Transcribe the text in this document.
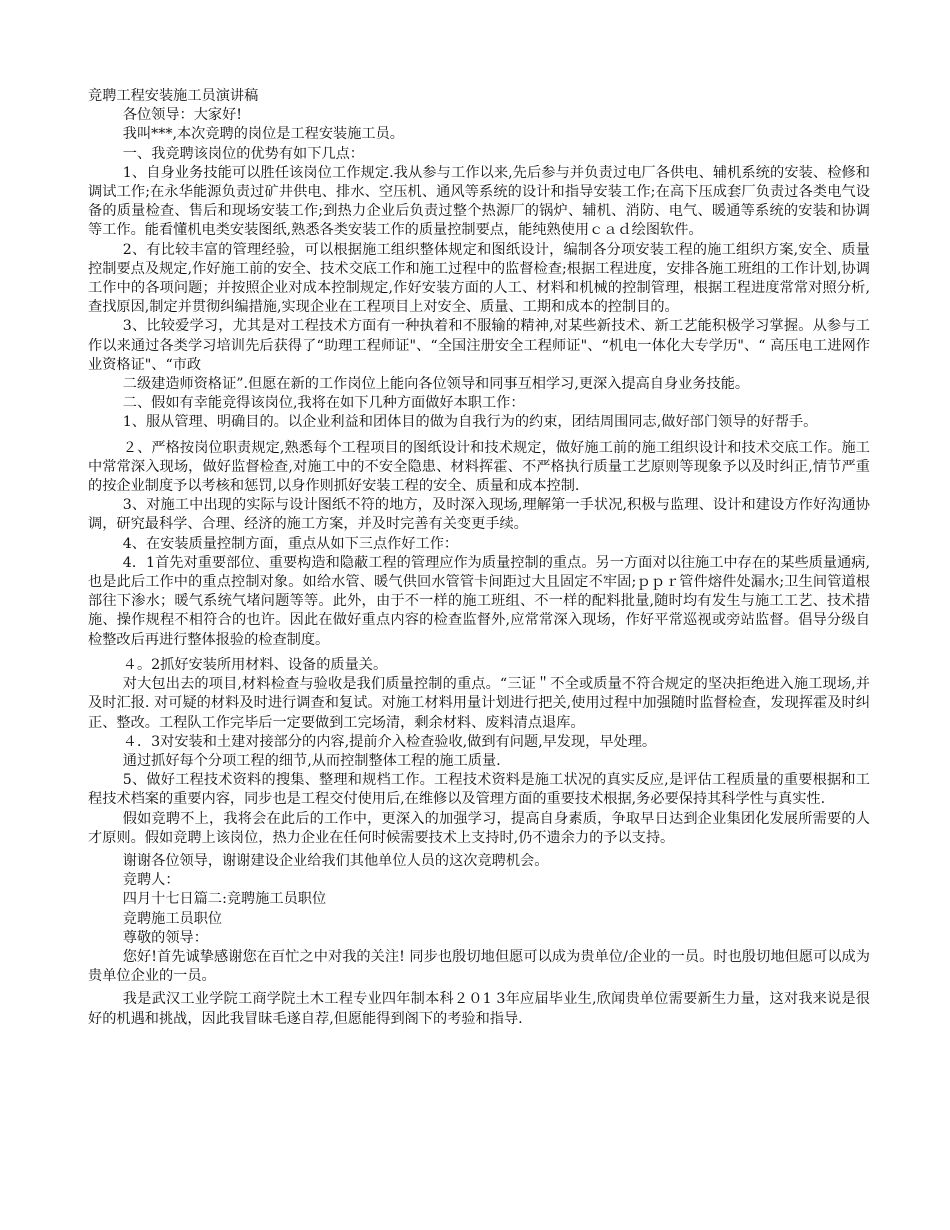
竞聘工程安装施工员演讲稿

各位领导：大家好!

我叫***,本次竞聘的岗位是工程安装施工员。

一、我竞聘该岗位的优势有如下几点：

1、自身业务技能可以胜任该岗位工作规定.我从参与工作以来,先后参与并负责过电厂各供电、辅机系统的安装、检修和调试工作;在永华能源负责过矿井供电、排水、空压机、通风等系统的设计和指导安装工作;在高下压成套厂负责过各类电气设备的质量检查、售后和现场安装工作;到热力企业后负责过整个热源厂的锅炉、辅机、消防、电气、暖通等系统的安装和协调等工作。能看懂机电类安装图纸,熟悉各类安装工作的质量控制要点，能纯熟使用ｃａｄ绘图软件。

2、有比较丰富的管理经验，可以根据施工组织整体规定和图纸设计，编制各分项安装工程的施工组织方案,安全、质量控制要点及规定,作好施工前的安全、技术交底工作和施工过程中的监督检查;根据工程进度，安排各施工班组的工作计划,协调工作中的各项问题；并按照企业对成本控制规定,作好安装方面的人工、材料和机械的控制管理，根据工程进度常常对照分析,查找原因,制定并贯彻纠编措施,实现企业在工程项目上对安全、质量、工期和成本的控制目的。

3、比较爱学习，尤其是对工程技术方面有一种执着和不服输的精神,对某些新技术、新工艺能积极学习掌握。从参与工作以来通过各类学习培训先后获得了“助理工程师证"、“全国注册安全工程师证"、“机电一体化大专学历"、“ 高压电工进网作业资格证"、“市政

二级建造师资格证”.但愿在新的工作岗位上能向各位领导和同事互相学习,更深入提高自身业务技能。

二、假如有幸能竞得该岗位,我将在如下几种方面做好本职工作：

1、服从管理、明确目的。以企业利益和团体目的做为自我行为的约束，团结周围同志,做好部门领导的好帮手。

２、严格按岗位职责规定,熟悉每个工程项目的图纸设计和技术规定，做好施工前的施工组织设计和技术交底工作。施工中常常深入现场，做好监督检查,对施工中的不安全隐患、材料挥霍、不严格执行质量工艺原则等现象予以及时纠正,情节严重的按企业制度予以考核和惩罚,以身作则抓好安装工程的安全、质量和成本控制.

3、对施工中出现的实际与设计图纸不符的地方，及时深入现场,理解第一手状况,积极与监理、设计和建设方作好沟通协调，研究最科学、合理、经济的施工方案，并及时完善有关变更手续。

4、在安装质量控制方面，重点从如下三点作好工作：

4．1首先对重要部位、重要构造和隐蔽工程的管理应作为质量控制的重点。另一方面对以往施工中存在的某些质量通病,也是此后工作中的重点控制对象。如给水管、暖气供回水管管卡间距过大且固定不牢固;ｐｐｒ管件熔件处漏水;卫生间管道根部往下渗水；暖气系统气堵问题等等。此外，由于不一样的施工班组、不一样的配料批量,随时均有发生与施工工艺、技术措施、操作规程不相符合的也许。因此在做好重点内容的检查监督外,应常常深入现场，作好平常巡视或旁站监督。倡导分级自检整改后再进行整体报验的检查制度。

４。2抓好安装所用材料、设备的质量关。

对大包出去的项目,材料检查与验收是我们质量控制的重点。“三证＂不全或质量不符合规定的坚决拒绝进入施工现场,并及时汇报. 对可疑的材料及时进行调查和复试。对施工材料用量计划进行把关,使用过程中加强随时监督检查，发现挥霍及时纠正、整改。工程队工作完毕后一定要做到工完场清，剩余材料、废料清点退库。

４．3对安装和土建对接部分的内容,提前介入检查验收,做到有问题,早发现，早处理。

通过抓好每个分项工程的细节,从而控制整体工程的施工质量.

5、做好工程技术资料的搜集、整理和规档工作。工程技术资料是施工状况的真实反应,是评估工程质量的重要根据和工程技术档案的重要内容，同步也是工程交付使用后,在维修以及管理方面的重要技术根据,务必要保持其科学性与真实性.

假如竞聘不上，我将会在此后的工作中，更深入的加强学习，提高自身素质，争取早日达到企业集团化发展所需要的人才原则。假如竞聘上该岗位，热力企业在任何时候需要技术上支持时,仍不遗余力的予以支持。

谢谢各位领导，谢谢建设企业给我们其他单位人员的这次竞聘机会。

竞聘人：

四月十七日篇二:竞聘施工员职位

竞聘施工员职位

尊敬的领导：

您好!首先诚挚感谢您在百忙之中对我的关注! 同步也殷切地但愿可以成为贵单位/企业的一员。时也殷切地但愿可以成为贵单位企业的一员。

我是武汉工业学院工商学院土木工程专业四年制本科２０1 3年应届毕业生,欣闻贵单位需要新生力量，这对我来说是很好的机遇和挑战，因此我冒昧毛遂自荐,但愿能得到阁下的考验和指导.
